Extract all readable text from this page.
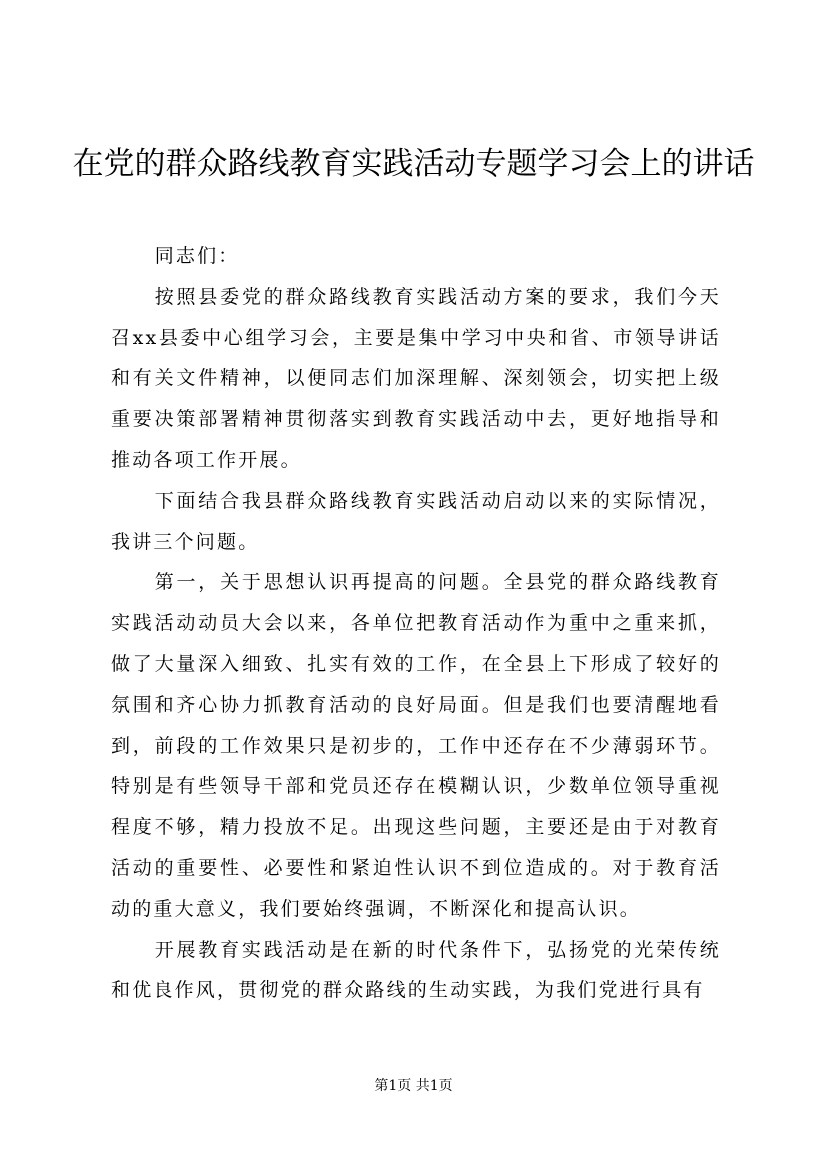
在党的群众路线教育实践活动专题学习会上的讲话

同志们：

按照县委党的群众路线教育实践活动方案的要求，我们今天召xx县委中心组学习会，主要是集中学习中央和省、市领导讲话和有关文件精神，以便同志们加深理解、深刻领会，切实把上级重要决策部署精神贯彻落实到教育实践活动中去，更好地指导和推动各项工作开展。

下面结合我县群众路线教育实践活动启动以来的实际情况，我讲三个问题。

第一，关于思想认识再提高的问题。全县党的群众路线教育实践活动动员大会以来，各单位把教育活动作为重中之重来抓，做了大量深入细致、扎实有效的工作，在全县上下形成了较好的氛围和齐心协力抓教育活动的良好局面。但是我们也要清醒地看到，前段的工作效果只是初步的，工作中还存在不少薄弱环节。特别是有些领导干部和党员还存在模糊认识，少数单位领导重视程度不够，精力投放不足。出现这些问题，主要还是由于对教育活动的重要性、必要性和紧迫性认识不到位造成的。对于教育活动的重大意义，我们要始终强调，不断深化和提高认识。

开展教育实践活动是在新的时代条件下，弘扬党的光荣传统和优良作风，贯彻党的群众路线的生动实践，为我们党进行具有

第1页 共1页
